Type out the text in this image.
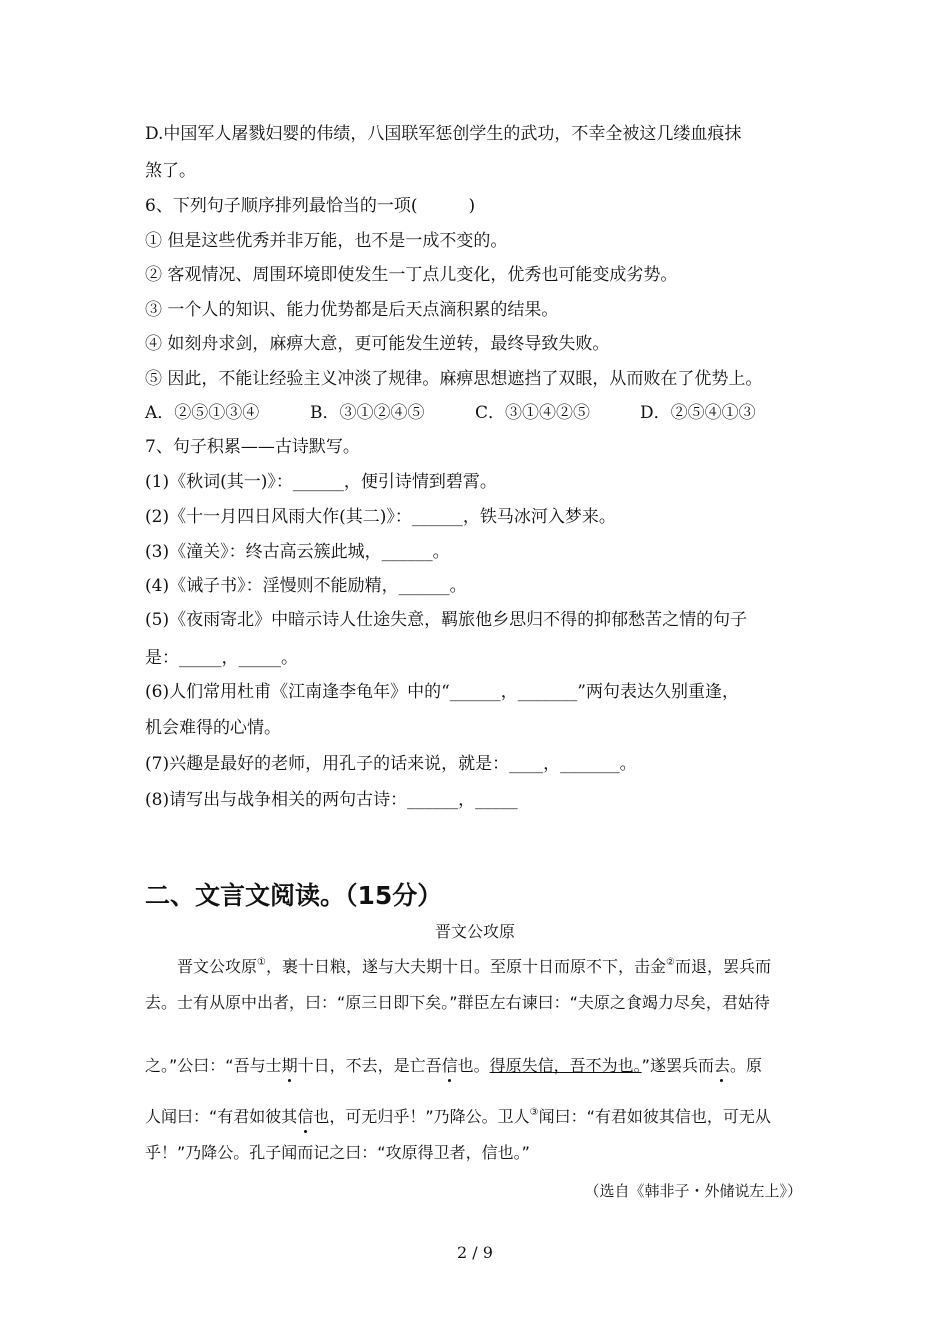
D.中国军人屠戮妇婴的伟绩，八国联军惩创学生的武功，不幸全被这几缕血痕抹
煞了。
6、下列句子顺序排列最恰当的一项(　　　)
① 但是这些优秀并非万能，也不是一成不变的。
② 客观情况、周围环境即使发生一丁点儿变化，优秀也可能变成劣势。
③ 一个人的知识、能力优势都是后天点滴积累的结果。
④ 如刻舟求剑，麻痹大意，更可能发生逆转，最终导致失败。
⑤ 因此，不能让经验主义冲淡了规律。麻痹思想遮挡了双眼，从而败在了优势上。
A．②⑤①③④	B．③①②④⑤	C．③①④②⑤	D．②⑤④①③
7、句子积累——古诗默写。
(1)《秋词(其一)》：______，便引诗情到碧霄。
(2)《十一月四日风雨大作(其二)》：______，铁马冰河入梦来。
(3)《潼关》：终古高云簇此城，______。
(4)《诫子书》：淫慢则不能励精，______。
(5)《夜雨寄北》中暗示诗人仕途失意，羁旅他乡思归不得的抑郁愁苦之情的句子
是：_____，_____。
(6)人们常用杜甫《江南逢李龟年》中的“______，_______”两句表达久别重逢，
机会难得的心情。
(7)兴趣是最好的老师，用孔子的话来说，就是：____，_______。
(8)请写出与战争相关的两句古诗：______，_____
二、文言文阅读。（15分）
晋文公攻原
晋文公攻原①，裹十日粮，遂与大夫期十日。至原十日而原不下，击金②而退，罢兵而
去。士有从原中出者，曰：“原三日即下矣。”群臣左右谏曰：“夫原之食竭力尽矣，君姑待
之。”公曰：“吾与士期十日，不去，是亡吾信也。得原失信，吾不为也。”遂罢兵而去。原
人闻曰：“有君如彼其信也，可无归乎！”乃降公。卫人③闻曰：“有君如彼其信也，可无从
乎！”乃降公。孔子闻而记之曰：“攻原得卫者，信也。”
（选自《韩非子・外储说左上》）
2 / 9
